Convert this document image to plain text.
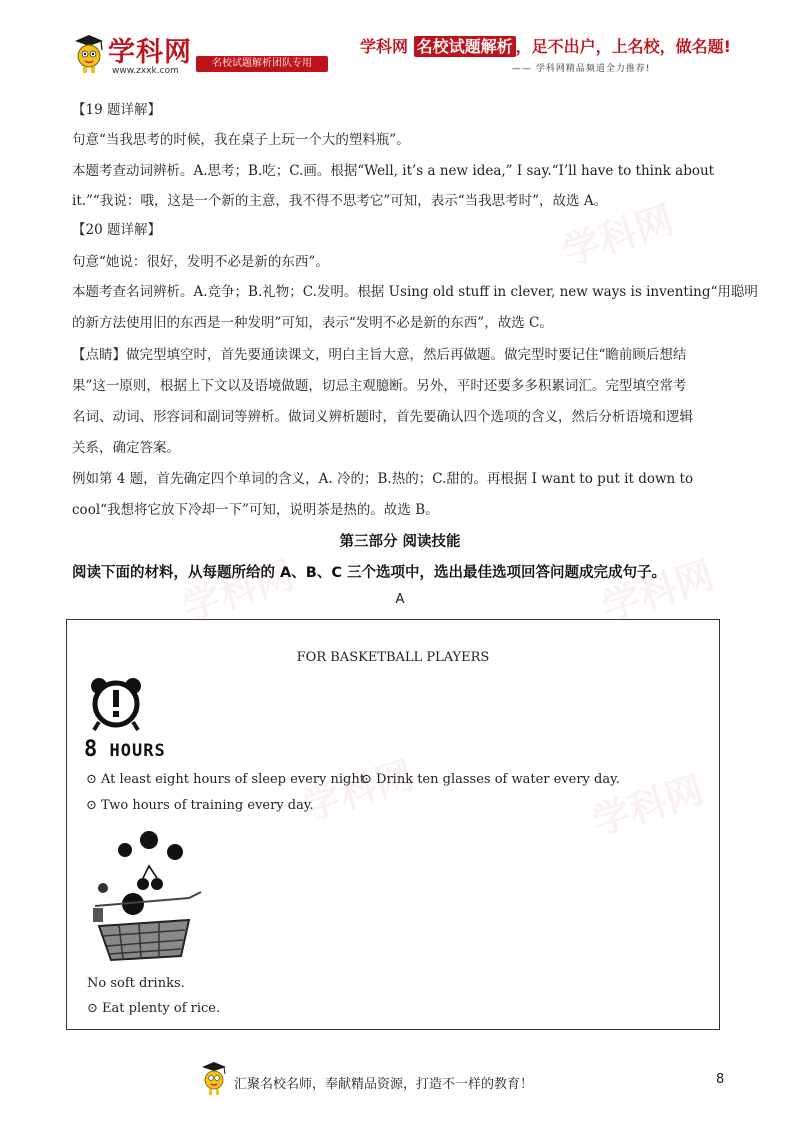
学科网
学科网	学科网
学科网	学科网
学科网
www.zxxk.com
名校试题解析团队专用
学科网 名校试题解析 ，足不出户，上名校，做名题!
—— 学科网精品频道全力推荐!
【19 题详解】
句意“当我思考的时候，我在桌子上玩一个大的塑料瓶”。
本题考查动词辨析。A.思考；B.吃；C.画。根据“Well, it’s a new idea,” I say.“I’ll have to think about
it.”“我说：哦，这是一个新的主意，我不得不思考它”可知，表示“当我思考时”，故选 A。
【20 题详解】
句意“她说：很好，发明不必是新的东西”。
本题考查名词辨析。A.竞争；B.礼物；C.发明。根据 Using old stuff in clever, new ways is inventing“用聪明
的新方法使用旧的东西是一种发明”可知，表示“发明不必是新的东西”，故选 C。
【点睛】做完型填空时，首先要通读课文，明白主旨大意，然后再做题。做完型时要记住“瞻前顾后想结
果”这一原则，根据上下文以及语境做题，切忌主观臆断。另外，平时还要多多积累词汇。完型填空常考
名词、动词、形容词和副词等辨析。做词义辨析题时，首先要确认四个选项的含义，然后分析语境和逻辑
关系，确定答案。
例如第 4 题，首先确定四个单词的含义，A. 冷的；B.热的；C.甜的。再根据 I want to put it down to
cool“我想将它放下冷却一下”可知，说明茶是热的。故选 B。
第三部分 阅读技能
阅读下面的材料，从每题所给的 A、B、C 三个选项中，选出最佳选项回答问题成完成句子。
A
FOR BASKETBALL PLAYERS
8 HOURS
⊙ At least eight hours of sleep every night.
⊙ Drink ten glasses of water every day.
⊙ Two hours of training every day.
No soft drinks.
⊙ Eat plenty of rice.
汇聚名校名师，奉献精品资源，打造不一样的教育！	8
